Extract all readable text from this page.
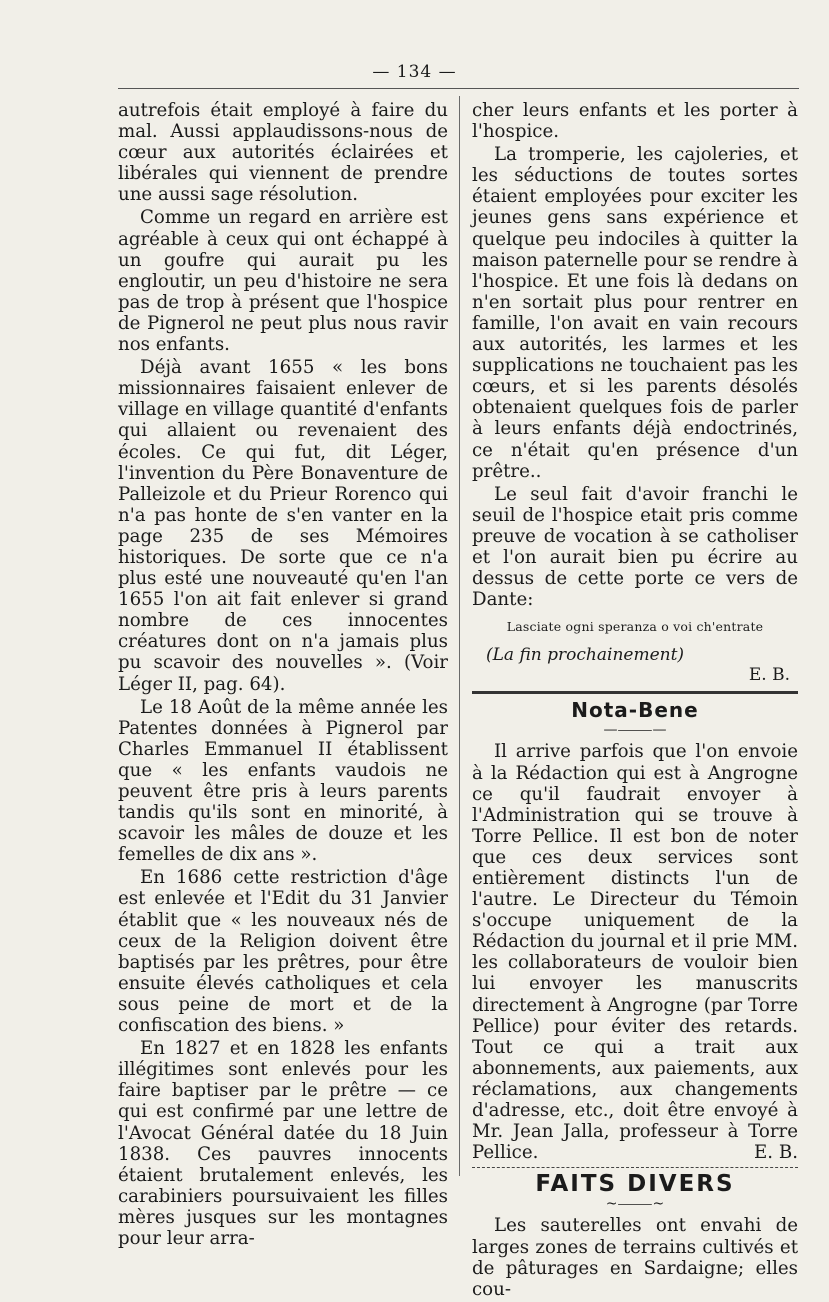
— 134 —

autrefois était employé à faire du mal. Aussi applaudissons-nous de cœur aux autorités éclairées et libérales qui viennent de prendre une aussi sage résolution.

Comme un regard en arrière est agréable à ceux qui ont échappé à un goufre qui aurait pu les engloutir, un peu d'histoire ne sera pas de trop à présent que l'hospice de Pignerol ne peut plus nous ravir nos enfants.

Déjà avant 1655 « les bons missionnaires faisaient enlever de village en village quantité d'enfants qui allaient ou revenaient des écoles. Ce qui fut, dit Léger, l'invention du Père Bonaventure de Palleizole et du Prieur Rorenco qui n'a pas honte de s'en vanter en la page 235 de ses Mémoires historiques. De sorte que ce n'a plus esté une nouveauté qu'en l'an 1655 l'on ait fait enlever si grand nombre de ces innocentes créatures dont on n'a jamais plus pu scavoir des nouvelles ». (Voir Léger II, pag. 64).

Le 18 Août de la même année les Patentes données à Pignerol par Charles Emmanuel II établissent que « les enfants vaudois ne peuvent être pris à leurs parents tandis qu'ils sont en minorité, à scavoir les mâles de douze et les femelles de dix ans ».

En 1686 cette restriction d'âge est enlevée et l'Edit du 31 Janvier établit que « les nouveaux nés de ceux de la Religion doivent être baptisés par les prêtres, pour être ensuite élevés catholiques et cela sous peine de mort et de la confiscation des biens. »

En 1827 et en 1828 les enfants illégitimes sont enlevés pour les faire baptiser par le prêtre — ce qui est confirmé par une lettre de l'Avocat Général datée du 18 Juin 1838. Ces pauvres innocents étaient brutalement enlevés, les carabiniers poursuivaient les filles mères jusques sur les montagnes pour leur arra-

cher leurs enfants et les porter à l'hospice.

La tromperie, les cajoleries, et les séductions de toutes sortes étaient employées pour exciter les jeunes gens sans expérience et quelque peu indociles à quitter la maison paternelle pour se rendre à l'hospice. Et une fois là dedans on n'en sortait plus pour rentrer en famille, l'on avait en vain recours aux autorités, les larmes et les supplications ne touchaient pas les cœurs, et si les parents désolés obtenaient quelques fois de parler à leurs enfants déjà endoctrinés, ce n'était qu'en présence d'un prêtre..

Le seul fait d'avoir franchi le seuil de l'hospice etait pris comme preuve de vocation à se catholiser et l'on aurait bien pu écrire au dessus de cette porte ce vers de Dante:

Lasciate ogni speranza o voi ch'entrate
(La fin prochainement)
E. B.
Nota-Bene
—⸻—

Il arrive parfois que l'on envoie à la Rédaction qui est à Angrogne ce qu'il faudrait envoyer à l'Administration qui se trouve à Torre Pellice. Il est bon de noter que ces deux services sont entièrement distincts l'un de l'autre. Le Directeur du Témoin s'occupe uniquement de la Rédaction du journal et il prie MM. les collaborateurs de vouloir bien lui envoyer les manuscrits directement à Angrogne (par Torre Pellice) pour éviter des retards. Tout ce qui a trait aux abonnements, aux paiements, aux réclamations, aux changements d'adresse, etc., doit être envoyé à Mr. Jean Jalla, professeur à Torre Pellice.	E. B.

FAITS DIVERS
~⸻~

Les sauterelles ont envahi de larges zones de terrains cultivés et de pâturages en Sardaigne; elles cou-
